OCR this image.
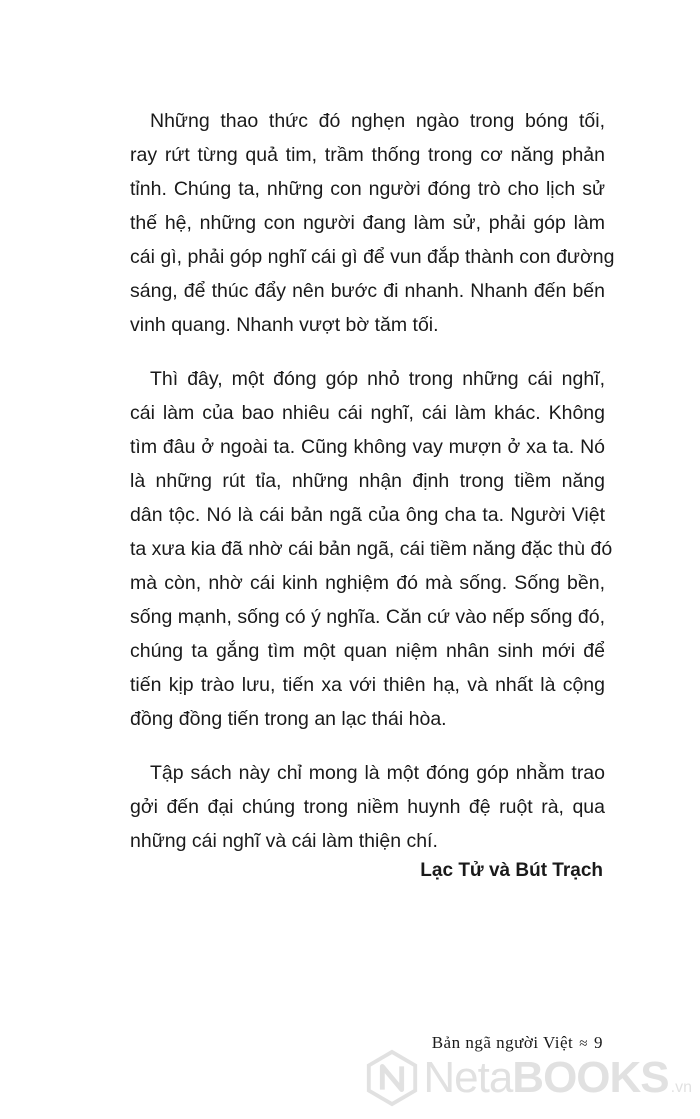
Những thao thức đó nghẹn ngào trong bóng tối,
ray rứt từng quả tim, trầm thống trong cơ năng phản
tỉnh. Chúng ta, những con người đóng trò cho lịch sử
thế hệ, những con người đang làm sử, phải góp làm
cái gì, phải góp nghĩ cái gì để vun đắp thành con đường
sáng, để thúc đẩy nên bước đi nhanh. Nhanh đến bến
vinh quang. Nhanh vượt bờ tăm tối.
Thì đây, một đóng góp nhỏ trong những cái nghĩ,
cái làm của bao nhiêu cái nghĩ, cái làm khác. Không
tìm đâu ở ngoài ta. Cũng không vay mượn ở xa ta. Nó
là những rút tỉa, những nhận định trong tiềm năng
dân tộc. Nó là cái bản ngã của ông cha ta. Người Việt
ta xưa kia đã nhờ cái bản ngã, cái tiềm năng đặc thù đó
mà còn, nhờ cái kinh nghiệm đó mà sống. Sống bền,
sống mạnh, sống có ý nghĩa. Căn cứ vào nếp sống đó,
chúng ta gắng tìm một quan niệm nhân sinh mới để
tiến kịp trào lưu, tiến xa với thiên hạ, và nhất là cộng
đồng đồng tiến trong an lạc thái hòa.
Tập sách này chỉ mong là một đóng góp nhằm trao
gởi đến đại chúng trong niềm huynh đệ ruột rà, qua
những cái nghĩ và cái làm thiện chí.
Lạc Tử và Bút Trạch
Bản ngã người Việt ≈ 9
NetaBOOKS .vn
